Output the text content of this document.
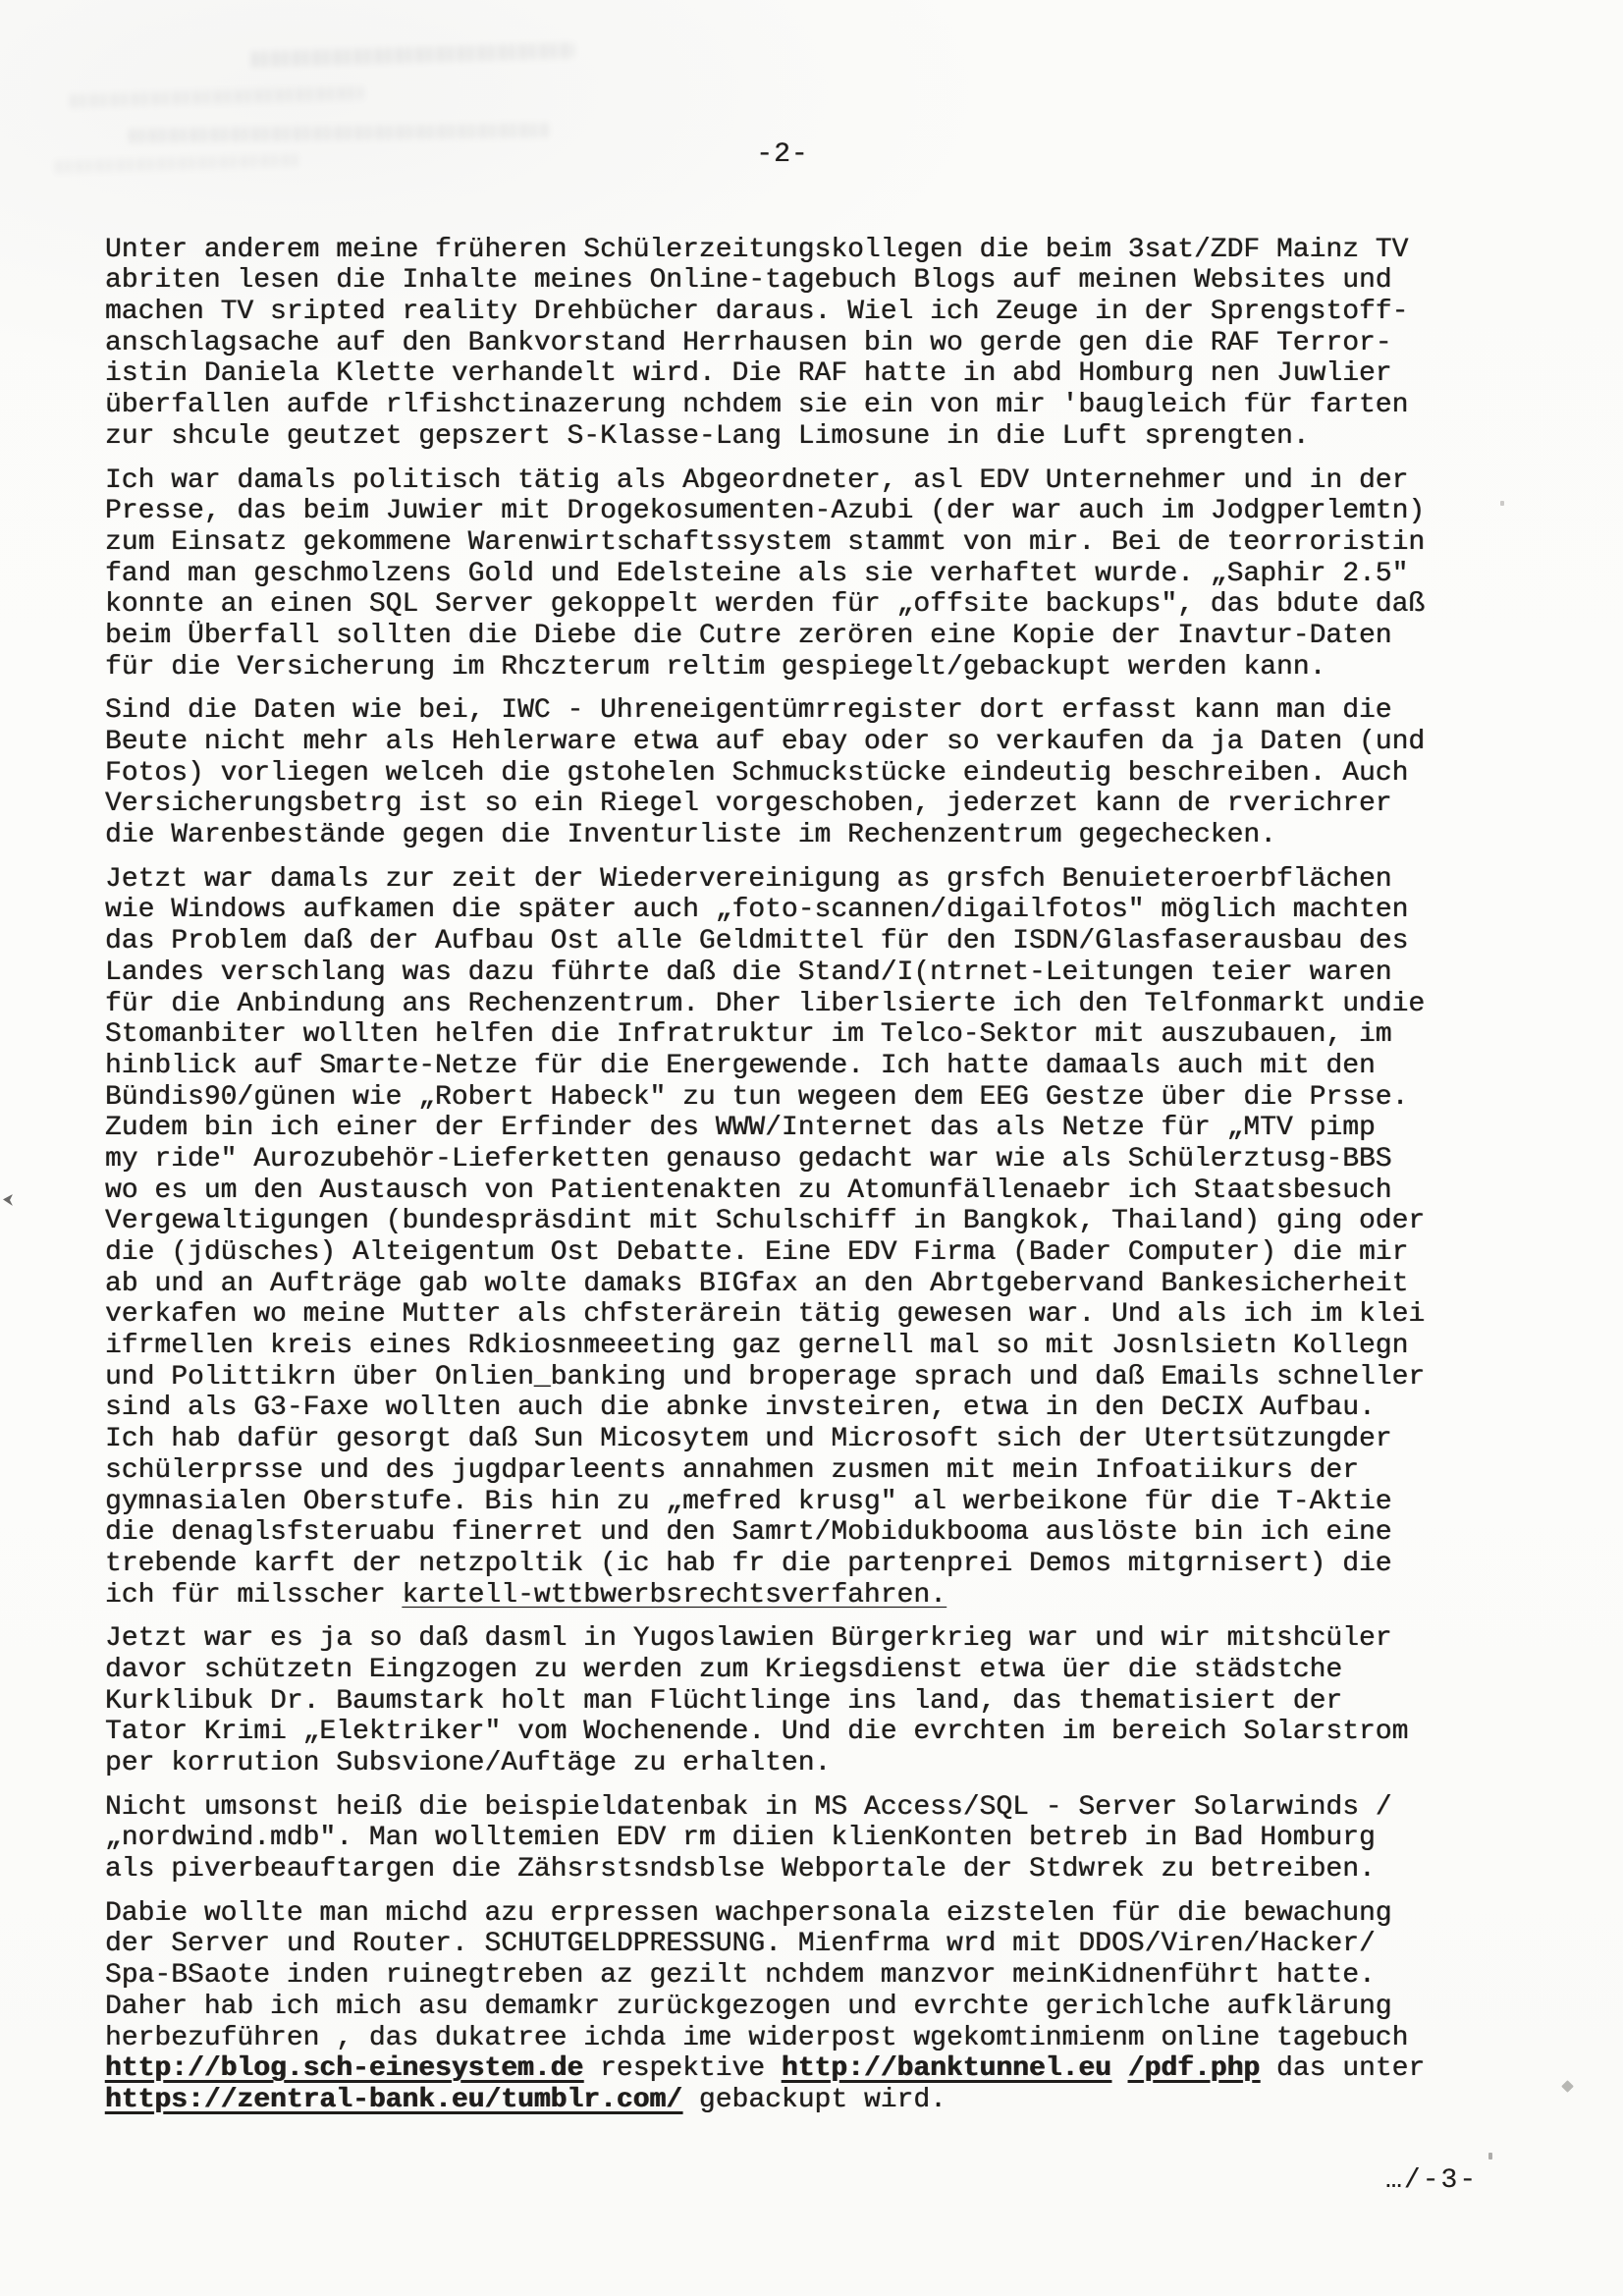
-2-
Unter anderem meine früheren Schülerzeitungskollegen die beim 3sat/ZDF Mainz TV
abriten lesen die Inhalte meines Online-tagebuch Blogs auf meinen Websites und
machen TV sripted reality Drehbücher daraus. Wiel ich Zeuge in der Sprengstoff-
anschlagsache auf den Bankvorstand Herrhausen bin wo gerde gen die RAF Terror-
istin Daniela Klette verhandelt wird. Die RAF hatte in abd Homburg nen Juwlier
überfallen aufde rlfishctinazerung nchdem sie ein von mir 'baugleich für farten
zur shcule geutzet gepszert S-Klasse-Lang Limosune in die Luft sprengten.
Ich war damals politisch tätig als Abgeordneter, asl EDV Unternehmer und in der
Presse, das beim Juwier mit Drogekosumenten-Azubi (der war auch im Jodgperlemtn)
zum Einsatz gekommene Warenwirtschaftssystem stammt von mir. Bei de teorroristin
fand man geschmolzens Gold und Edelsteine als sie verhaftet wurde. „Saphir 2.5"
konnte an einen SQL Server gekoppelt werden für „offsite backups", das bdute daß
beim Überfall sollten die Diebe die Cutre zerören eine Kopie der Inavtur-Daten
für die Versicherung im Rhczterum reltim gespiegelt/gebackupt werden kann.
Sind die Daten wie bei, IWC - Uhreneigentümrregister dort erfasst kann man die
Beute nicht mehr als Hehlerware etwa auf ebay oder so verkaufen da ja Daten (und
Fotos) vorliegen welceh die gstohelen Schmuckstücke eindeutig beschreiben. Auch
Versicherungsbetrg ist so ein Riegel vorgeschoben, jederzet kann de rverichrer
die Warenbestände gegen die Inventurliste im Rechenzentrum gegechecken.
Jetzt war damals zur zeit der Wiedervereinigung as grsfch Benuieteroerbflächen
wie Windows aufkamen die später auch „foto-scannen/digailfotos" möglich machten
das Problem daß der Aufbau Ost alle Geldmittel für den ISDN/Glasfaserausbau des
Landes verschlang was dazu führte daß die Stand/I(ntrnet-Leitungen teier waren
für die Anbindung ans Rechenzentrum. Dher liberlsierte ich den Telfonmarkt undie
Stomanbiter wollten helfen die Infratruktur im Telco-Sektor mit auszubauen, im
hinblick auf Smarte-Netze für die Energewende. Ich hatte damaals auch mit den
Bündis90/günen wie „Robert Habeck" zu tun wegeen dem EEG Gestze über die Prsse.
Zudem bin ich einer der Erfinder des WWW/Internet das als Netze für „MTV pimp
my ride" Aurozubehör-Lieferketten genauso gedacht war wie als Schülerztusg-BBS
wo es um den Austausch von Patientenakten zu Atomunfällenaebr ich Staatsbesuch
Vergewaltigungen (bundespräsdint mit Schulschiff in Bangkok, Thailand) ging oder
die (jdüsches) Alteigentum Ost Debatte. Eine EDV Firma (Bader Computer) die mir
ab und an Aufträge gab wolte damaks BIGfax an den Abrtgebervand Bankesicherheit
verkafen wo meine Mutter als chfsterärein tätig gewesen war. Und als ich im klei
ifrmellen kreis eines Rdkiosnmeeeting gaz gernell mal so mit Josnlsietn Kollegn
und Polittikrn über Onlien_banking und broperage sprach und daß Emails schneller
sind als G3-Faxe wollten auch die abnke invsteiren, etwa in den DeCIX Aufbau.
Ich hab dafür gesorgt daß Sun Micosytem und Microsoft sich der Utertsützungder
schülerprsse und des jugdparleents annahmen zusmen mit mein Infoatiikurs der
gymnasialen Oberstufe. Bis hin zu „mefred krusg" al werbeikone für die T-Aktie
die denaglsfsteruabu finerret und den Samrt/Mobidukbooma auslöste bin ich eine
trebende karft der netzpoltik (ic hab fr die partenprei Demos mitgrnisert) die
ich für milsscher kartell-wttbwerbsrechtsverfahren.
Jetzt war es ja so daß dasml in Yugoslawien Bürgerkrieg war und wir mitshcüler
davor schützetn Eingzogen zu werden zum Kriegsdienst etwa üer die städstche
Kurklibuk Dr. Baumstark holt man Flüchtlinge ins land, das thematisiert der
Tator Krimi „Elektriker" vom Wochenende. Und die evrchten im bereich Solarstrom
per korrution Subsvione/Auftäge zu erhalten.
Nicht umsonst heiß die beispieldatenbak in MS Access/SQL - Server Solarwinds /
„nordwind.mdb". Man wolltemien EDV rm diien klienKonten betreb in Bad Homburg
als piverbeauftargen die Zähsrstsndsblse Webportale der Stdwrek zu betreiben.
Dabie wollte man michd azu erpressen wachpersonala eizstelen für die bewachung
der Server und Router. SCHUTGELDPRESSUNG. Mienfrma wrd mit DDOS/Viren/Hacker/
Spa-BSaote inden ruinegtreben az gezilt nchdem manzvor meinKidnenführt hatte.
Daher hab ich mich asu demamkr zurückgezogen und evrchte gerichlche aufklärung
herbezuführen , das dukatree ichda ime widerpost wgekomtinmienm online tagebuch
http://blog.sch-einesystem.de respektive http://banktunnel.eu /pdf.php das unter
https://zentral-bank.eu/tumblr.com/ gebackupt wird.
…/-3-
